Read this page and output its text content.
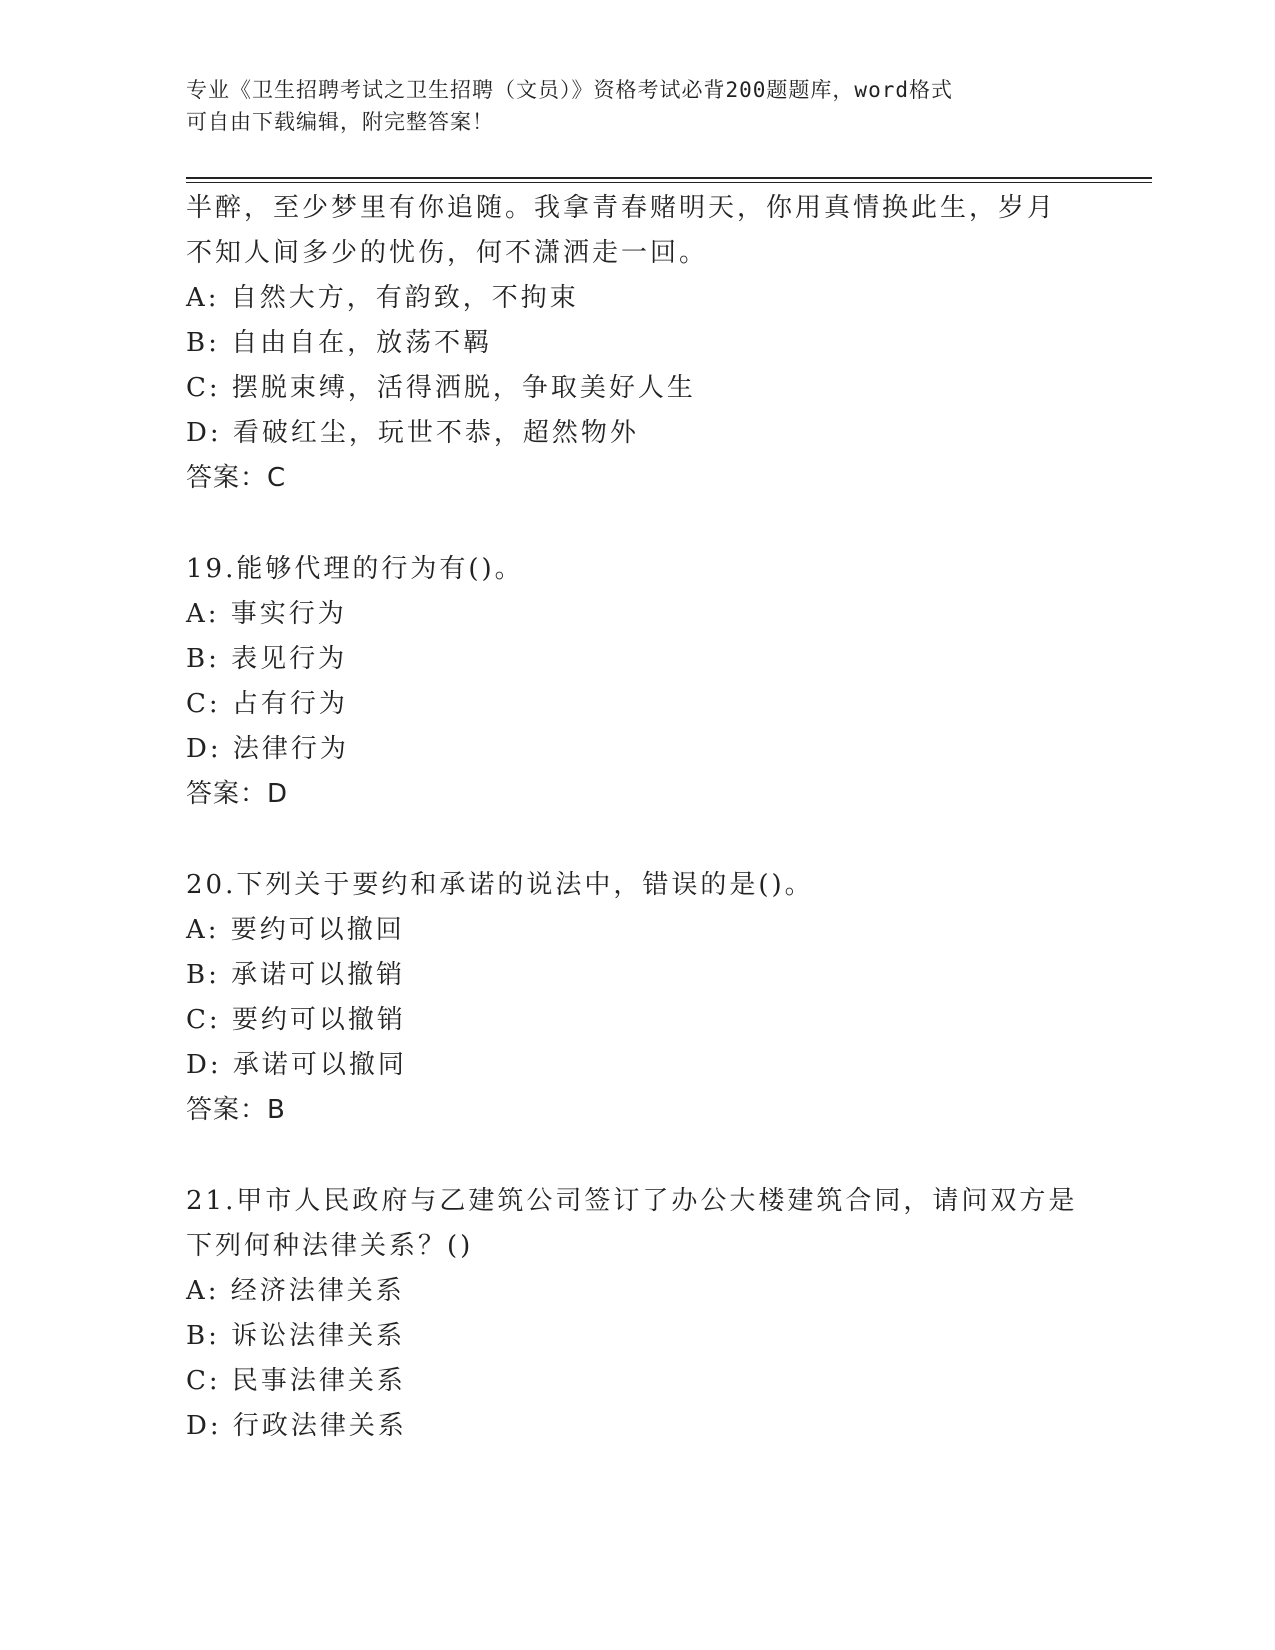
专业《卫生招聘考试之卫生招聘（文员）》资格考试必背200题题库，word格式
可自由下载编辑，附完整答案！
半醉，至少梦里有你追随。我拿青春赌明天，你用真情换此生，岁月
不知人间多少的忧伤，何不潇洒走一回。
A: 自然大方，有韵致，不拘束
B: 自由自在，放荡不羁
C: 摆脱束缚，活得洒脱，争取美好人生
D: 看破红尘，玩世不恭，超然物外
答案：C
19.能够代理的行为有()。
A: 事实行为
B: 表见行为
C: 占有行为
D: 法律行为
答案：D
20.下列关于要约和承诺的说法中，错误的是()。
A: 要约可以撤回
B: 承诺可以撤销
C: 要约可以撤销
D: 承诺可以撤同
答案：B
21.甲市人民政府与乙建筑公司签订了办公大楼建筑合同，请问双方是
下列何种法律关系？()
A: 经济法律关系
B: 诉讼法律关系
C: 民事法律关系
D: 行政法律关系
